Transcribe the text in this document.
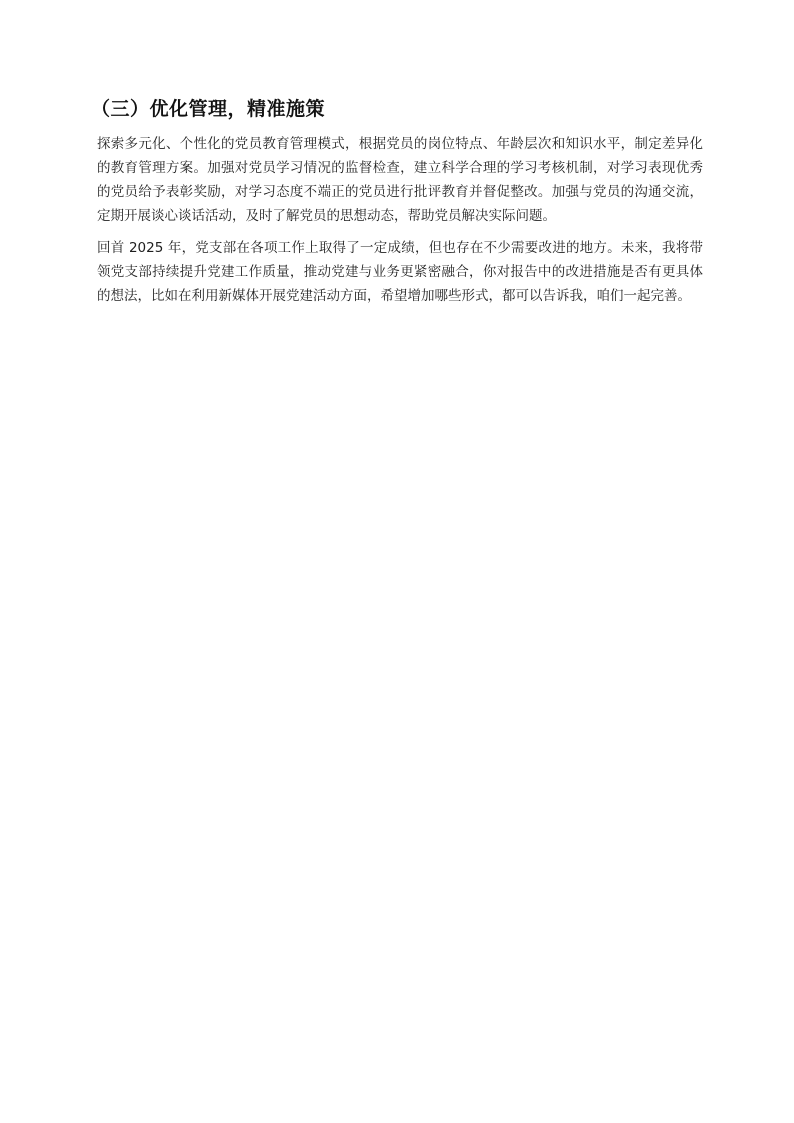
（三）优化管理，精准施策

探索多元化、个性化的党员教育管理模式，根据党员的岗位特点、年龄层次和知识水平，制定差异化的教育管理方案。加强对党员学习情况的监督检查，建立科学合理的学习考核机制，对学习表现优秀的党员给予表彰奖励，对学习态度不端正的党员进行批评教育并督促整改。加强与党员的沟通交流，定期开展谈心谈话活动，及时了解党员的思想动态，帮助党员解决实际问题。

回首 2025 年，党支部在各项工作上取得了一定成绩，但也存在不少需要改进的地方。未来，我将带领党支部持续提升党建工作质量，推动党建与业务更紧密融合，你对报告中的改进措施是否有更具体的想法，比如在利用新媒体开展党建活动方面，希望增加哪些形式，都可以告诉我，咱们一起完善。
